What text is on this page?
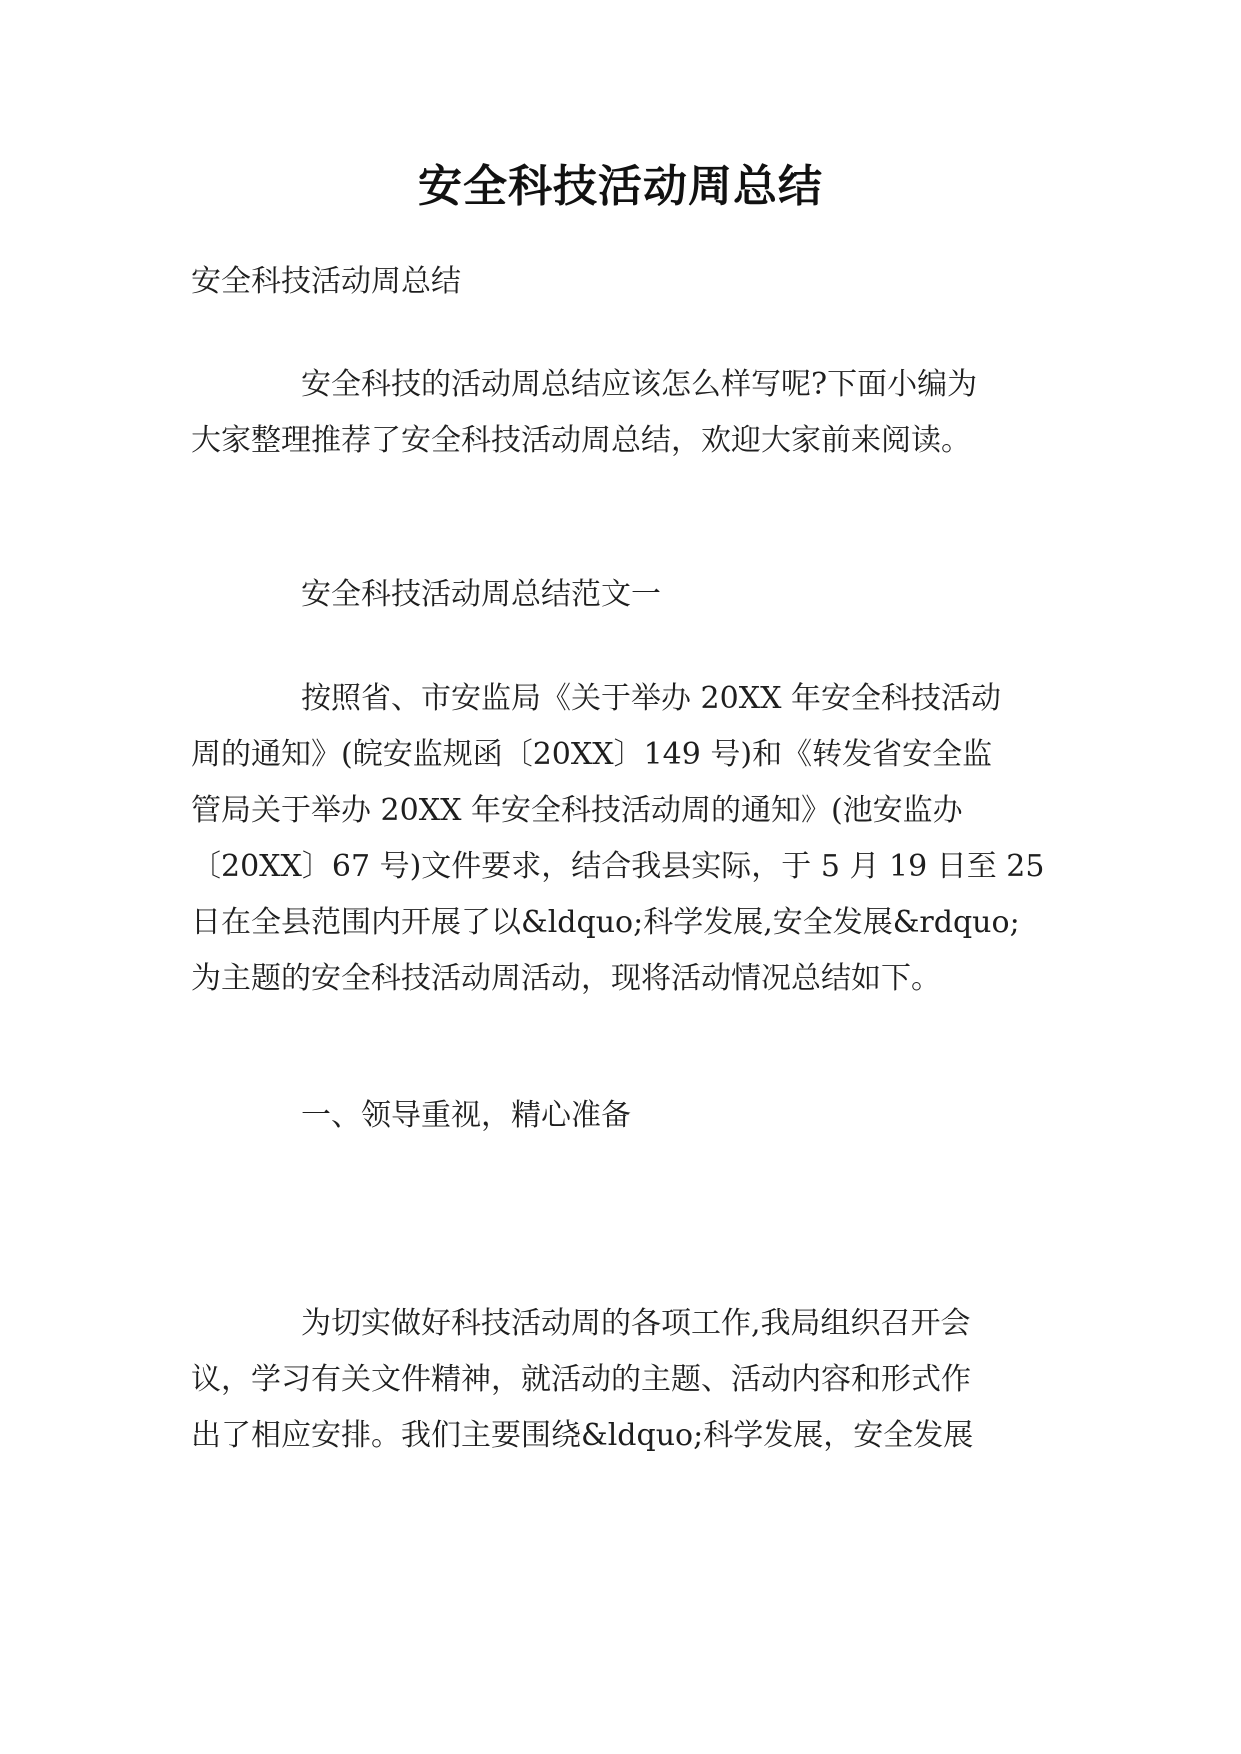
安全科技活动周总结
安全科技活动周总结
安全科技的活动周总结应该怎么样写呢?下面小编为
大家整理推荐了安全科技活动周总结，欢迎大家前来阅读。
安全科技活动周总结范文一
按照省、市安监局《关于举办 20XX 年安全科技活动
周的通知》(皖安监规函〔20XX〕149 号)和《转发省安全监
管局关于举办 20XX 年安全科技活动周的通知》(池安监办
〔20XX〕67 号)文件要求，结合我县实际，于 5 月 19 日至 25
日在全县范围内开展了以&ldquo;科学发展,安全发展&rdquo;
为主题的安全科技活动周活动，现将活动情况总结如下。
一、领导重视，精心准备
为切实做好科技活动周的各项工作,我局组织召开会
议，学习有关文件精神，就活动的主题、活动内容和形式作
出了相应安排。我们主要围绕&ldquo;科学发展，安全发展
